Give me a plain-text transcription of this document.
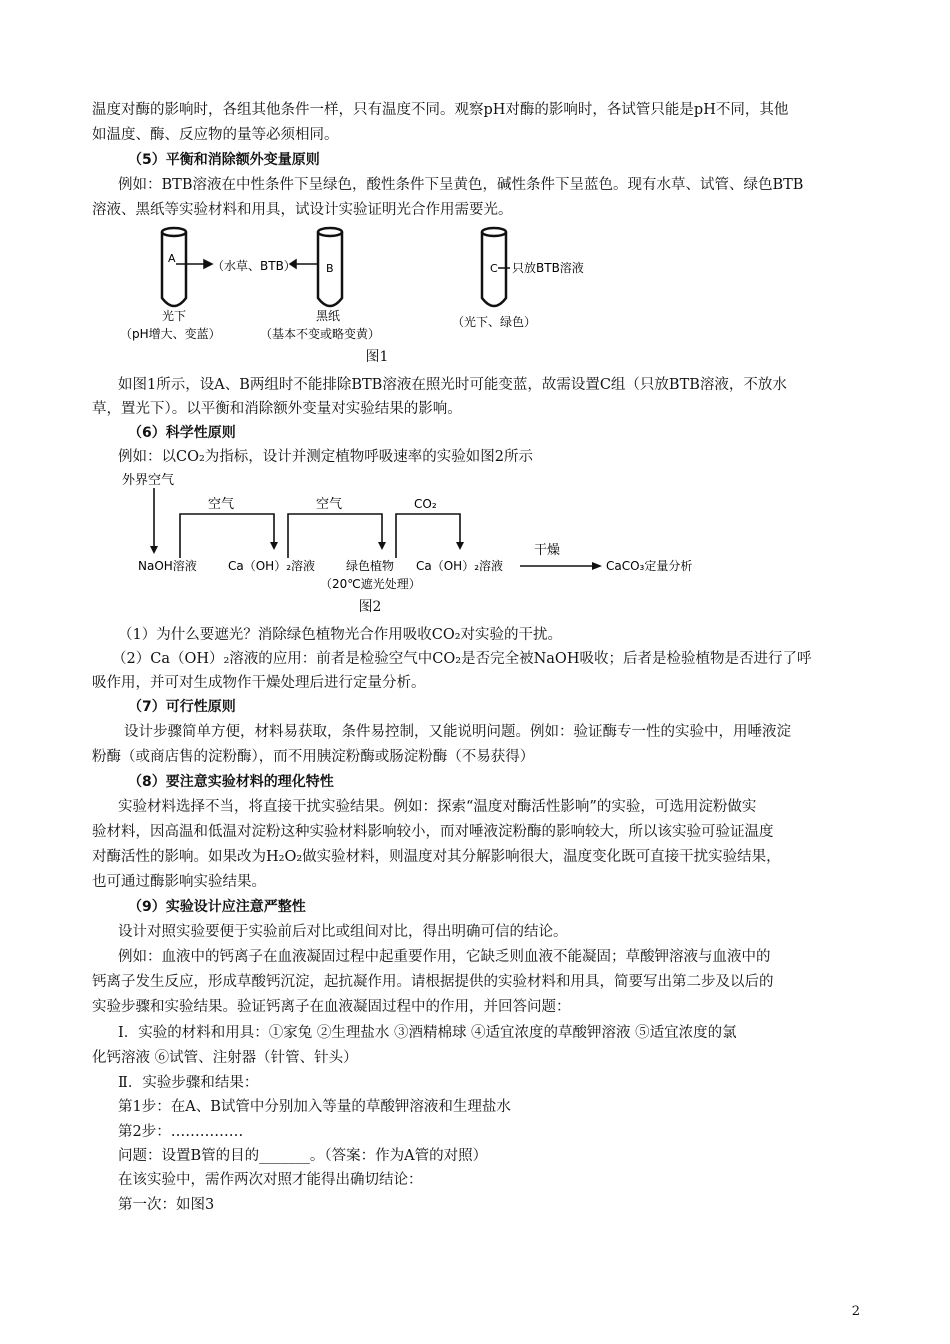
温度对酶的影响时，各组其他条件一样，只有温度不同。观察pH对酶的影响时，各试管只能是pH不同，其他
如温度、酶、反应物的量等必须相同。
（5）平衡和消除额外变量原则
例如：BTB溶液在中性条件下呈绿色，酸性条件下呈黄色，碱性条件下呈蓝色。现有水草、试管、绿色BTB
溶液、黑纸等实验材料和用具，试设计实验证明光合作用需要光。
A
B	C
（水草、BTB）	只放BTB溶液
光下	黑纸
（pH增大、变蓝）	（基本不变或略变黄）
（光下、绿色）
图1
如图1所示，设A、B两组时不能排除BTB溶液在照光时可能变蓝，故需设置C组（只放BTB溶液，不放水
草，置光下）。以平衡和消除额外变量对实验结果的影响。
（6）科学性原则
例如：以CO₂为指标，设计并测定植物呼吸速率的实验如图2所示
外界空气
空气	空气	CO₂
干燥
NaOH溶液	Ca（OH）₂溶液	绿色植物 Ca（OH）₂溶液	CaCO₃定量分析
（20℃遮光处理）
图2
（1）为什么要遮光？消除绿色植物光合作用吸收CO₂对实验的干扰。
（2）Ca（OH）₂溶液的应用：前者是检验空气中CO₂是否完全被NaOH吸收；后者是检验植物是否进行了呼
吸作用，并可对生成物作干燥处理后进行定量分析。
（7）可行性原则
设计步骤简单方便，材料易获取，条件易控制，又能说明问题。例如：验证酶专一性的实验中，用唾液淀
粉酶（或商店售的淀粉酶），而不用胰淀粉酶或肠淀粉酶（不易获得）
（8）要注意实验材料的理化特性
实验材料选择不当，将直接干扰实验结果。例如：探索“温度对酶活性影响”的实验，可选用淀粉做实
验材料，因高温和低温对淀粉这种实验材料影响较小，而对唾液淀粉酶的影响较大，所以该实验可验证温度
对酶活性的影响。如果改为H₂O₂做实验材料，则温度对其分解影响很大，温度变化既可直接干扰实验结果，
也可通过酶影响实验结果。
（9）实验设计应注意严整性
设计对照实验要便于实验前后对比或组间对比，得出明确可信的结论。
例如：血液中的钙离子在血液凝固过程中起重要作用，它缺乏则血液不能凝固；草酸钾溶液与血液中的
钙离子发生反应，形成草酸钙沉淀，起抗凝作用。请根据提供的实验材料和用具，简要写出第二步及以后的
实验步骤和实验结果。验证钙离子在血液凝固过程中的作用，并回答问题：
Ⅰ．实验的材料和用具：①家兔 ②生理盐水 ③酒精棉球 ④适宜浓度的草酸钾溶液 ⑤适宜浓度的氯
化钙溶液 ⑥试管、注射器（针管、针头）
Ⅱ．实验步骤和结果：
第1步：在A、B试管中分别加入等量的草酸钾溶液和生理盐水
第2步：……………
问题：设置B管的目的_______。（答案：作为A管的对照）
在该实验中，需作两次对照才能得出确切结论：
第一次：如图3
2
